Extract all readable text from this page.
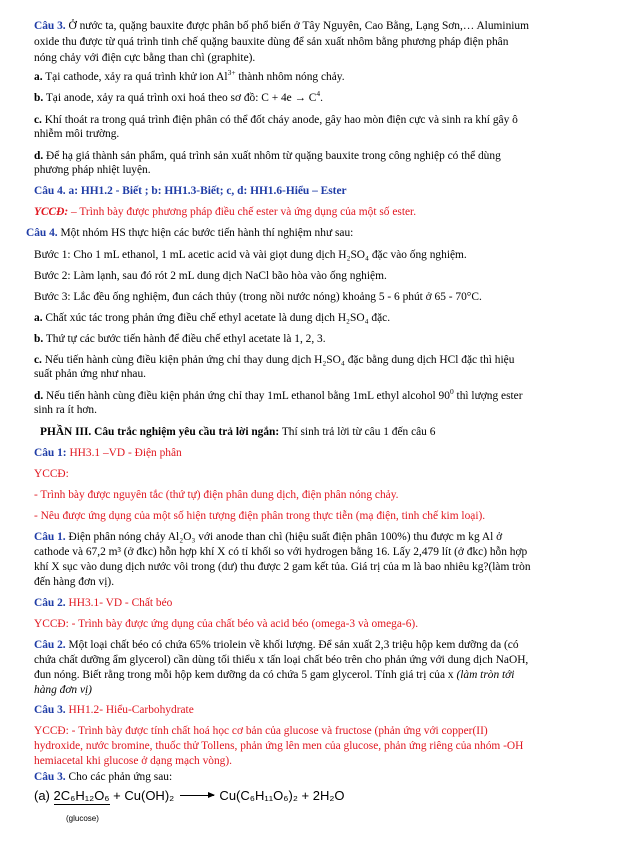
Câu 3. Ở nước ta, quặng bauxite được phân bố phổ biến ở Tây Nguyên, Cao Bằng, Lạng Sơn,… Aluminium
oxide thu được từ quá trình tinh chế quặng bauxite dùng để sản xuất nhôm bằng phương pháp điện phân
nóng chảy với điện cực bằng than chì (graphite).
a. Tại cathode, xảy ra quá trình khử ion $Al^{3+}$ thành nhôm nóng chảy.
b. Tại anode, xảy ra quá trình oxi hoá theo sơ đồ: $C + 4e \to C^4$.
c. Khí thoát ra trong quá trình điện phân có thể đốt cháy anode, gây hao mòn điện cực và sinh ra khí gây ô
nhiễm môi trường.
d. Để hạ giá thành sản phẩm, quá trình sản xuất nhôm từ quặng bauxite trong công nghiệp có thể dùng
phương pháp nhiệt luyện.
Câu 4. a: HH1.2 - Biết ; b: HH1.3-Biết; c, d: HH1.6-Hiểu – Ester
YCCĐ: – Trình bày được phương pháp điều chế ester và ứng dụng của một số ester.
Câu 4. Một nhóm HS thực hiện các bước tiến hành thí nghiệm như sau:
Bước 1: Cho 1 mL ethanol, 1 mL acetic acid và vài giọt dung dịch H₂SO₄ đặc vào ống nghiệm.
Bước 2: Làm lạnh, sau đó rót 2 mL dung dịch NaCl bão hòa vào ống nghiệm.
Bước 3: Lắc đều ống nghiệm, đun cách thủy (trong nồi nước nóng) khoảng 5 - 6 phút ở 65 - 70°C.
a. Chất xúc tác trong phản ứng điều chế ethyl acetate là dung dịch H₂SO₄ đặc.
b. Thứ tự các bước tiến hành để điều chế ethyl acetate là 1, 2, 3.
c. Nếu tiến hành cùng điều kiện phản ứng chỉ thay dung dịch H₂SO₄ đặc bằng dung dịch HCl đặc thì hiệu
suất phản ứng như nhau.
d. Nếu tiến hành cùng điều kiện phản ứng chỉ thay 1mL ethanol bằng 1mL ethyl alcohol $90^0$ thì lượng ester
sinh ra ít hơn.
PHẦN III. Câu trắc nghiệm yêu cầu trả lời ngắn: Thí sinh trả lời từ câu 1 đến câu 6
Câu 1: HH3.1 –VD - Điện phân
YCCĐ:
- Trình bày được nguyên tắc (thứ tự) điện phân dung dịch, điện phân nóng chảy.
- Nêu được ứng dụng của một số hiện tượng điện phân trong thực tiễn (mạ điện, tinh chế kim loại).
Câu 1. Điện phân nóng chảy Al₂O₃ với anode than chì (hiệu suất điện phân 100%) thu được m kg Al ở
cathode và 67,2 m³ (ở đkc) hỗn hợp khí X có tỉ khối so với hydrogen bằng 16. Lấy 2,479 lít (ở đkc) hỗn hợp
khí X sục vào dung dịch nước vôi trong (dư) thu được 2 gam kết tủa. Giá trị của m là bao nhiêu kg?(làm tròn
đến hàng đơn vị).
Câu 2. HH3.1- VD - Chất béo
YCCĐ: - Trình bày được ứng dụng của chất béo và acid béo (omega-3 và omega-6).
Câu 2. Một loại chất béo có chứa 65% triolein về khối lượng. Để sản xuất 2,3 triệu hộp kem dưỡng da (có
chứa chất dưỡng ẩm glycerol) cần dùng tối thiểu x tấn loại chất béo trên cho phản ứng với dung dịch NaOH,
đun nóng. Biết rằng trong mỗi hộp kem dưỡng da có chứa 5 gam glycerol. Tính giá trị của x (làm tròn tới
hàng đơn vị)
Câu 3. HH1.2- Hiểu-Carbohydrate
YCCĐ: - Trình bày được tính chất hoá học cơ bản của glucose và fructose (phản ứng với copper(II)
hydroxide, nước bromine, thuốc thử Tollens, phản ứng lên men của glucose, phản ứng riêng của nhóm -OH
hemiacetal khi glucose ở dạng mạch vòng).
Câu 3. Cho các phản ứng sau:
(a) 2C₆H₁₂O₆ + Cu(OH)₂ → Cu(C₆H₁₁O₆)₂ + 2H₂O
(glucose)
